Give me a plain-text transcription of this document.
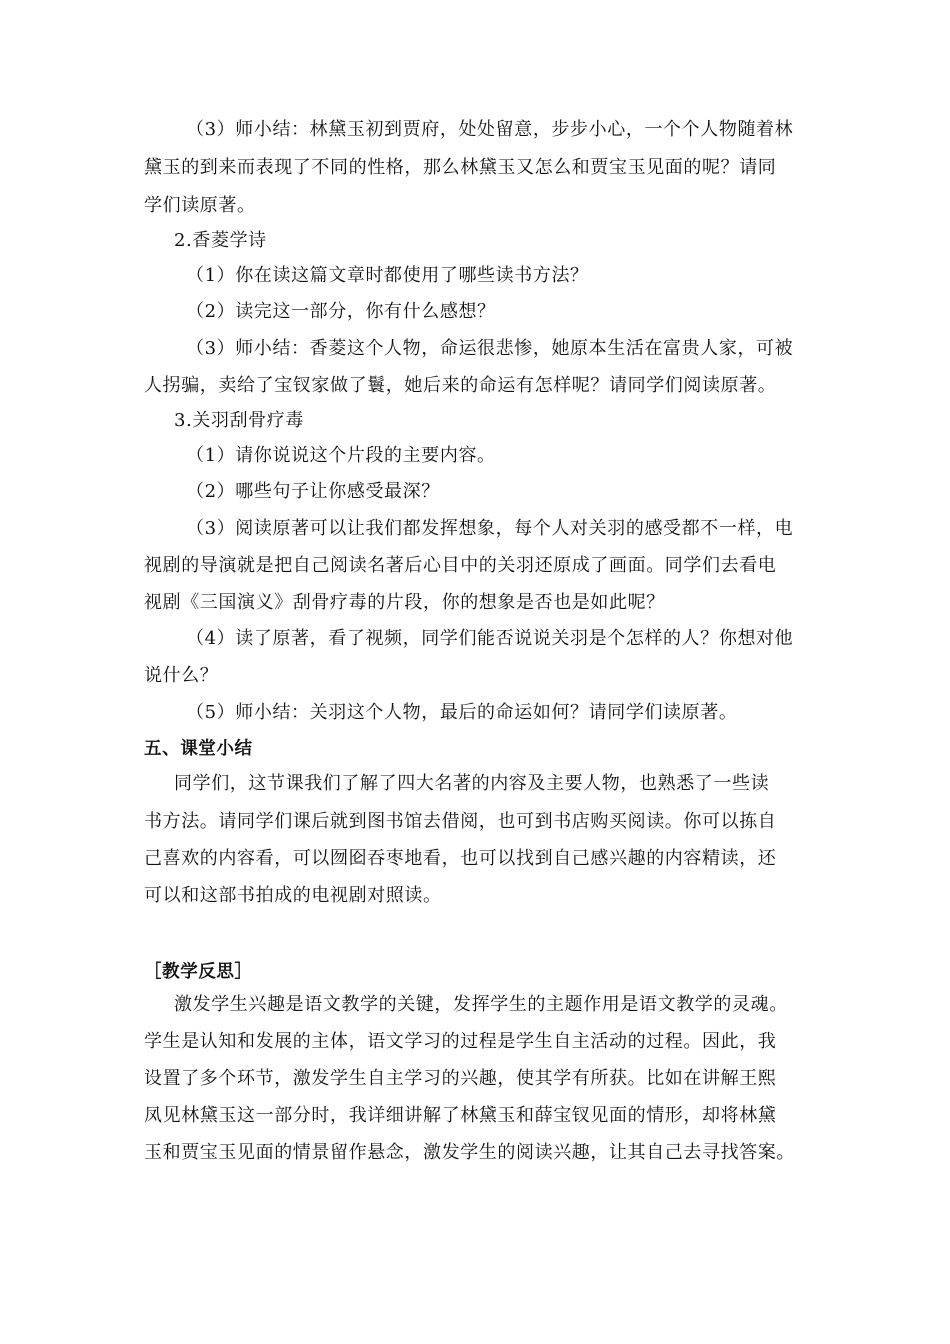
（3）师小结：林黛玉初到贾府，处处留意，步步小心，一个个人物随着林
黛玉的到来而表现了不同的性格，那么林黛玉又怎么和贾宝玉见面的呢？请同
学们读原著。
2.香菱学诗
（1）你在读这篇文章时都使用了哪些读书方法？
（2）读完这一部分，你有什么感想？
（3）师小结：香菱这个人物，命运很悲惨，她原本生活在富贵人家，可被
人拐骗，卖给了宝钗家做了鬟，她后来的命运有怎样呢？请同学们阅读原著。
3.关羽刮骨疗毒
（1）请你说说这个片段的主要内容。
（2）哪些句子让你感受最深？
（3）阅读原著可以让我们都发挥想象，每个人对关羽的感受都不一样，电
视剧的导演就是把自己阅读名著后心目中的关羽还原成了画面。同学们去看电
视剧《三国演义》刮骨疗毒的片段，你的想象是否也是如此呢？
（4）读了原著，看了视频，同学们能否说说关羽是个怎样的人？你想对他
说什么？
（5）师小结：关羽这个人物，最后的命运如何？请同学们读原著。
五、课堂小结
同学们，这节课我们了解了四大名著的内容及主要人物，也熟悉了一些读
书方法。请同学们课后就到图书馆去借阅，也可到书店购买阅读。你可以拣自
己喜欢的内容看，可以囫囵吞枣地看，也可以找到自己感兴趣的内容精读，还
可以和这部书拍成的电视剧对照读。
［教学反思］
激发学生兴趣是语文教学的关键，发挥学生的主题作用是语文教学的灵魂。
学生是认知和发展的主体，语文学习的过程是学生自主活动的过程。因此，我
设置了多个环节，激发学生自主学习的兴趣，使其学有所获。比如在讲解王熙
凤见林黛玉这一部分时，我详细讲解了林黛玉和薛宝钗见面的情形，却将林黛
玉和贾宝玉见面的情景留作悬念，激发学生的阅读兴趣，让其自己去寻找答案。
